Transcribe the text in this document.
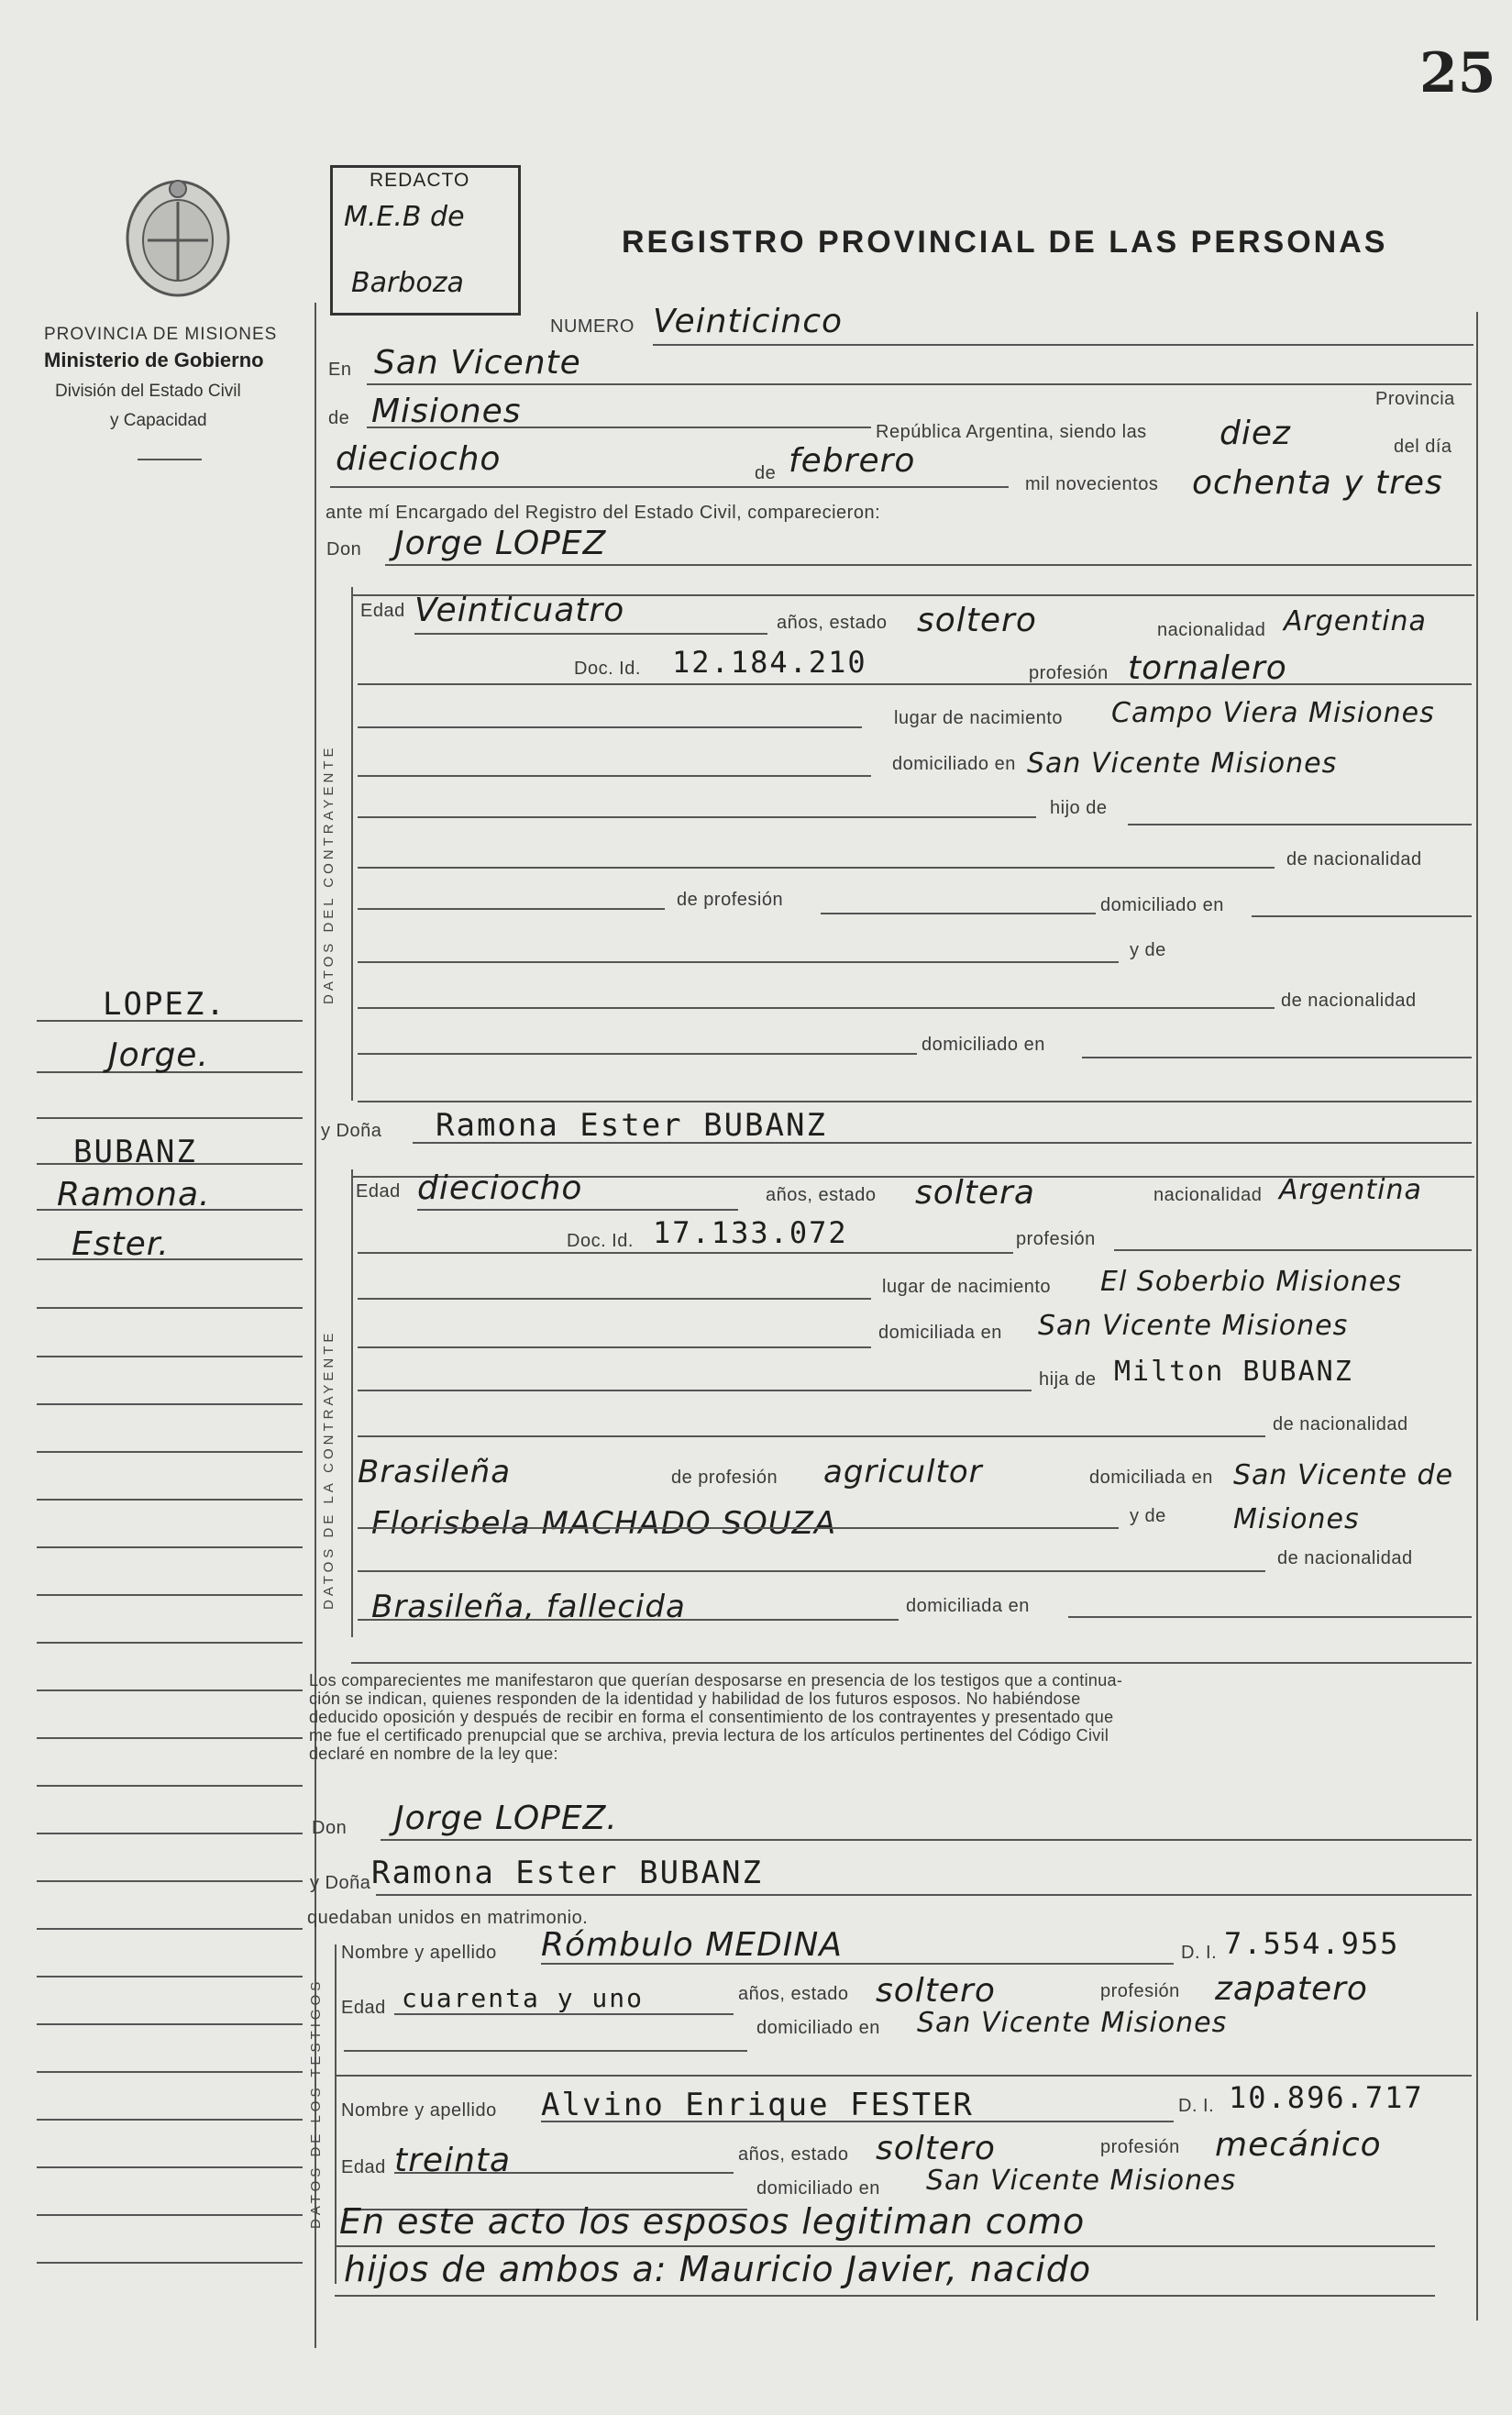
25
PROVINCIA DE MISIONES
Ministerio de Gobierno
División del Estado Civil
y Capacidad
REDACTO
M.E.B de
Barboza
REGISTRO PROVINCIAL DE LAS PERSONAS
DATOS DEL CONTRAYENTE
DATOS DE LA CONTRAYENTE
DATOS DE LOS TESTIGOS
LOPEZ.
Jorge.
BUBANZ
Ramona.
Ester.
NUMERO Veinticinco
En San Vicente
de Misiones	Provincia
República Argentina, siendo las diez	del día
dieciocho	de febrero
mil novecientos ochenta y tres
ante mí Encargado del Registro del Estado Civil, comparecieron:
Don Jorge LOPEZ
Edad Veinticuatro	años, estado soltero	nacionalidad Argentina
Doc. Id. 12.184.210	profesión tornalero
lugar de nacimiento Campo Viera Misiones
domiciliado en San Vicente Misiones
hijo de
de nacionalidad
de profesión	domiciliado en
y de
de nacionalidad
domiciliado en
y Doña Ramona Ester BUBANZ
Edad dieciocho	años, estado soltera	nacionalidad Argentina
Doc. Id. 17.133.072	profesión
lugar de nacimiento El Soberbio Misiones
domiciliada en San Vicente Misiones
hija de Milton BUBANZ
de nacionalidad
Brasileña	de profesión agricultor	domiciliada en San Vicente de Misiones
y de
Florisbela MACHADO SOUZA
de nacionalidad
Brasileña, fallecida	domiciliada en
Los comparecientes me manifestaron que querían desposarse en presencia de los testigos que a continua-
ción se indican, quienes responden de la identidad y habilidad de los futuros esposos. No habiéndose
deducido oposición y después de recibir en forma el consentimiento de los contrayentes y presentado que
me fue el certificado prenupcial que se archiva, previa lectura de los artículos pertinentes del Código Civil
declaré en nombre de la ley que:
Don Jorge LOPEZ.
y Doña Ramona Ester BUBANZ
quedaban unidos en matrimonio.
Nombre y apellido Rómbulo MEDINA	D. I. 7.554.955
Edad cuarenta y uno	años, estado soltero	profesión zapatero
domiciliado en San Vicente Misiones
Nombre y apellido Alvino Enrique FESTER	D. I. 10.896.717
Edad treinta	años, estado soltero	profesión mecánico
domiciliado en San Vicente Misiones
En este acto los esposos legitiman como
hijos de ambos a: Mauricio Javier, nacido
